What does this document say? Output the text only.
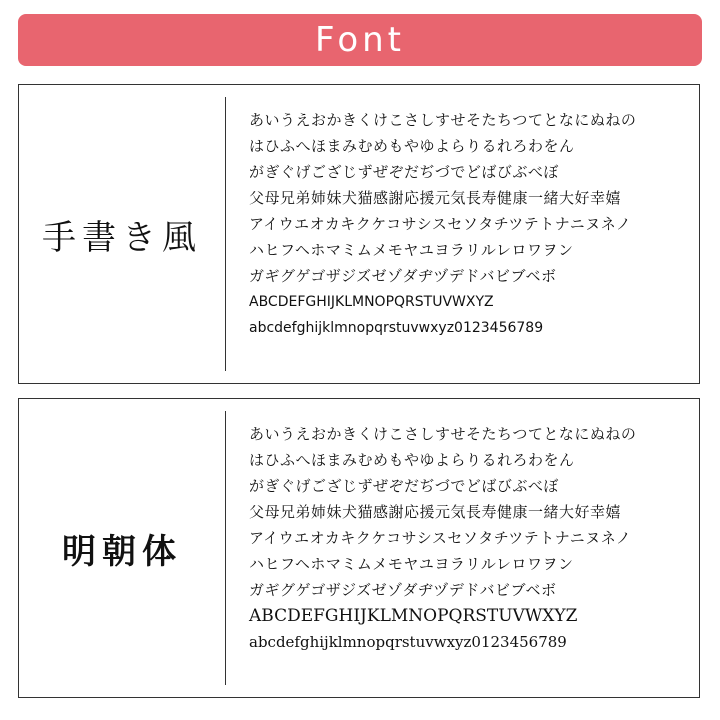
Font
手書き風
あいうえおかきくけこさしすせそたちつてとなにぬねの
はひふへほまみむめもやゆよらりるれろわをん
がぎぐげござじずぜぞだぢづでどばびぶべぼ
父母兄弟姉妹犬猫感謝応援元気長寿健康一緒大好幸嬉
アイウエオカキクケコサシスセソタチツテトナニヌネノ
ハヒフヘホマミムメモヤユヨラリルレロワヲン
ガギグゲゴザジズゼゾダヂヅデドバビブベボ
ABCDEFGHIJKLMNOPQRSTUVWXYZ
abcdefghijklmnopqrstuvwxyz0123456789
明朝体
あいうえおかきくけこさしすせそたちつてとなにぬねの
はひふへほまみむめもやゆよらりるれろわをん
がぎぐげござじずぜぞだぢづでどばびぶべぼ
父母兄弟姉妹犬猫感謝応援元気長寿健康一緒大好幸嬉
アイウエオカキクケコサシスセソタチツテトナニヌネノ
ハヒフヘホマミムメモヤユヨラリルレロワヲン
ガギグゲゴザジズゼゾダヂヅデドバビブベボ
ABCDEFGHIJKLMNOPQRSTUVWXYZ
abcdefghijklmnopqrstuvwxyz0123456789
